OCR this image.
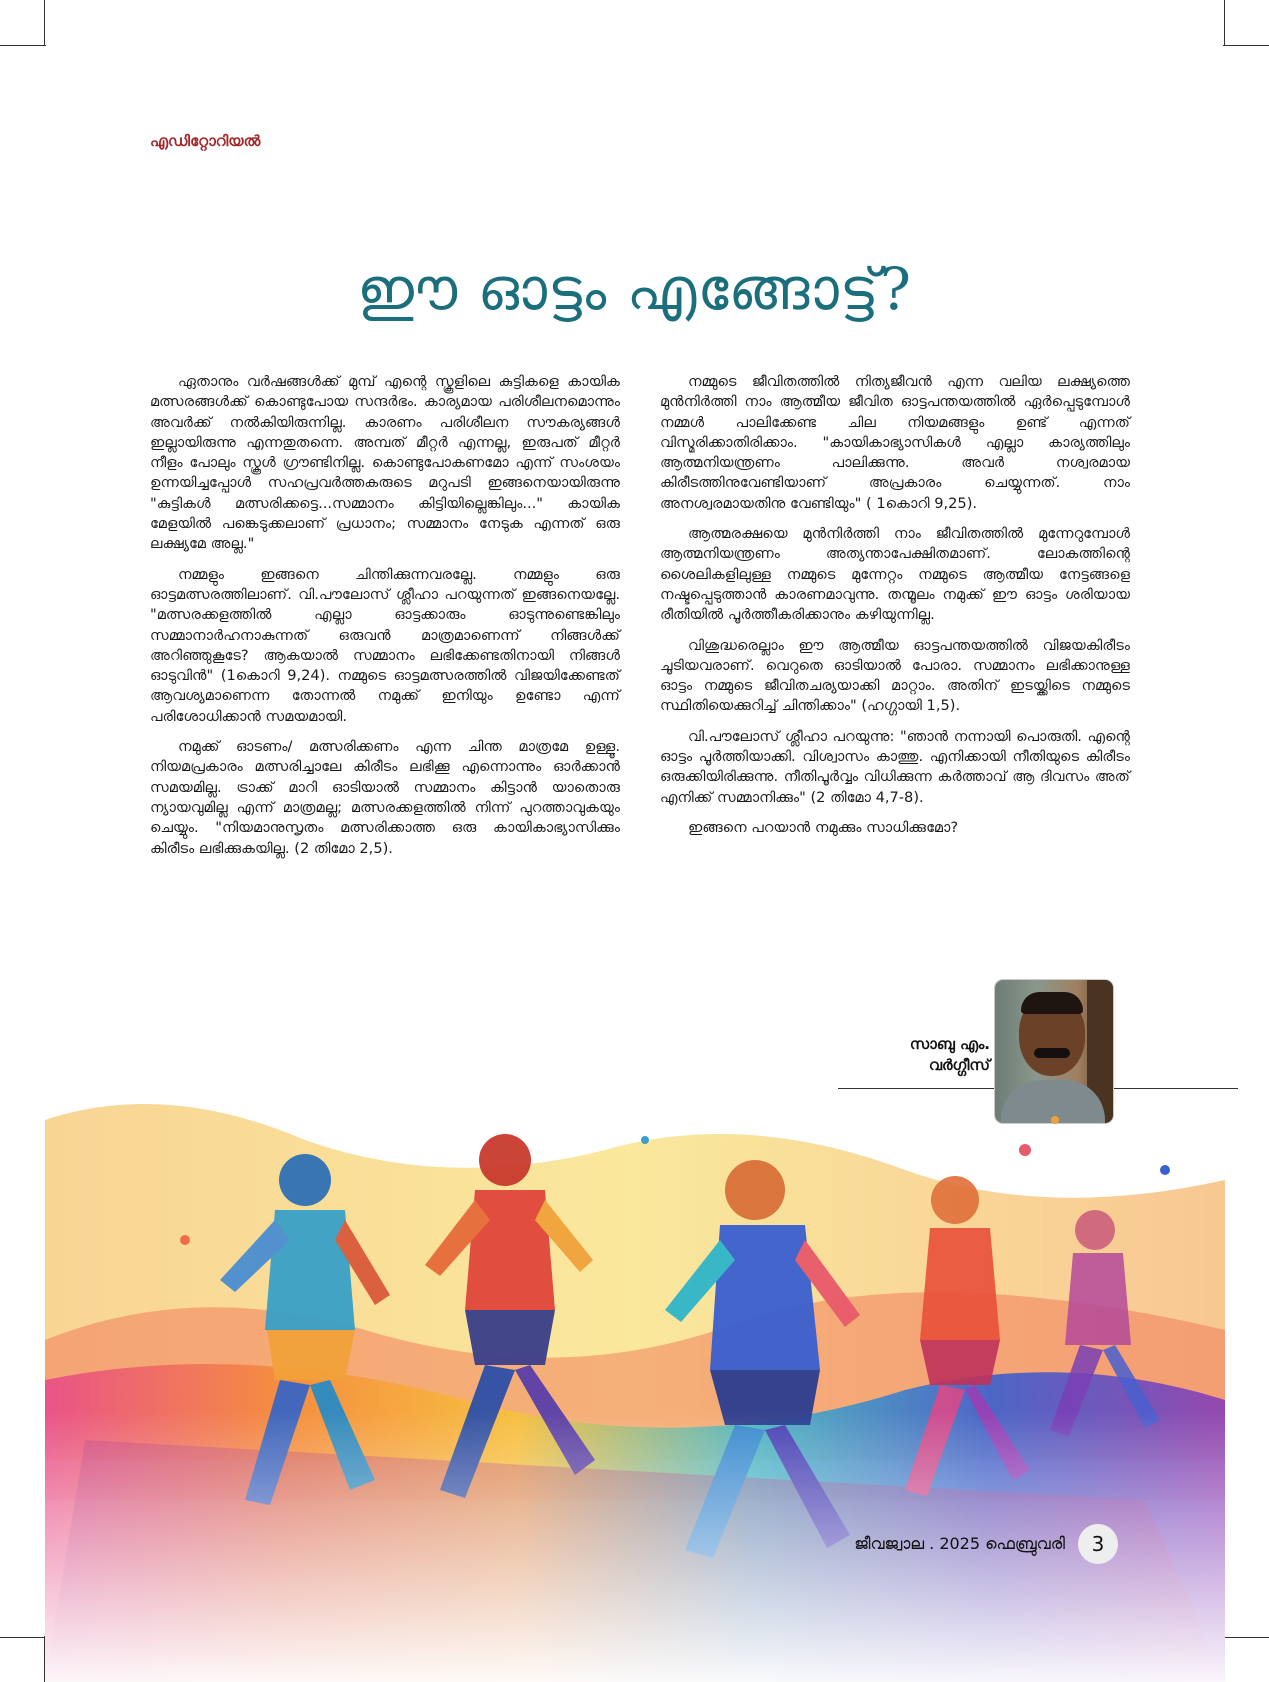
എഡിറ്റോറിയൽ
ഈ ഓട്ടം എങ്ങോട്ട്?

ഏതാനും വർഷങ്ങൾക്ക് മുമ്പ് എന്റെ സ്കൂളിലെ കുട്ടികളെ കായിക മത്സരങ്ങൾക്ക് കൊണ്ടുപോയ സന്ദർഭം. കാര്യമായ പരിശീലനമൊന്നും അവർക്ക് നൽകിയിരുന്നില്ല. കാരണം പരിശീലന സൗകര്യങ്ങൾ ഇല്ലായിരുന്നു എന്നതുതന്നെ. അമ്പത് മീറ്റർ എന്നല്ല, ഇരുപത് മീറ്റർ നീളം പോലും സ്കൂൾ ഗ്രൗണ്ടിനില്ല. കൊണ്ടുപോകണമോ എന്ന് സംശയം ഉന്നയിച്ചപ്പോൾ സഹപ്രവർത്തകരുടെ മറുപടി ഇങ്ങനെയായിരുന്നു "കുട്ടികൾ മത്സരിക്കട്ടെ...സമ്മാനം കിട്ടിയില്ലെങ്കിലും..." കായിക മേളയിൽ പങ്കെടുക്കലാണ് പ്രധാനം; സമ്മാനം നേടുക എന്നത് ഒരു ലക്ഷ്യമേ അല്ല."

നമ്മളും ഇങ്ങനെ ചിന്തിക്കുന്നവരല്ലേ. നമ്മളും ഒരു ഓട്ടമത്സരത്തിലാണ്. വി.പൗലോസ് ശ്ലീഹാ പറയുന്നത് ഇങ്ങനെയല്ലേ. "മത്സരക്കളത്തിൽ എല്ലാ ഓട്ടക്കാരും ഓടുന്നുണ്ടെങ്കിലും സമ്മാനാർഹനാകുന്നത് ഒരുവൻ മാത്രമാണെന്ന് നിങ്ങൾക്ക് അറിഞ്ഞുകൂടേ? ആകയാൽ സമ്മാനം ലഭിക്കേണ്ടതിനായി നിങ്ങൾ ഓടുവിൻ" (1കൊറി 9,24). നമ്മുടെ ഓട്ടമത്സരത്തിൽ വിജയിക്കേണ്ടത് ആവശ്യമാണെന്ന തോന്നൽ നമുക്ക് ഇനിയും ഉണ്ടോ എന്ന് പരിശോധിക്കാൻ സമയമായി.

നമുക്ക് ഓടണം/ മത്സരിക്കണം എന്ന ചിന്ത മാത്രമേ ഉള്ളൂ. നിയമപ്രകാരം മത്സരിച്ചാലേ കിരീടം ലഭിക്കൂ എന്നൊന്നും ഓർക്കാൻ സമയമില്ല. ട്രാക്ക് മാറി ഓടിയാൽ സമ്മാനം കിട്ടാൻ യാതൊരു ന്യായവുമില്ല എന്ന് മാത്രമല്ല; മത്സരക്കളത്തിൽ നിന്ന് പുറത്താവുകയും ചെയ്യും. "നിയമാനുസൃതം മത്സരിക്കാത്ത ഒരു കായികാഭ്യാസിക്കും കിരീടം ലഭിക്കുകയില്ല. (2 തിമോ 2,5).

നമ്മുടെ ജീവിതത്തിൽ നിത്യജീവൻ എന്ന വലിയ ലക്ഷ്യത്തെ മുൻനിർത്തി നാം ആത്മീയ ജീവിത ഓട്ടപന്തയത്തിൽ ഏർപ്പെടുമ്പോൾ നമ്മൾ പാലിക്കേണ്ട ചില നിയമങ്ങളും ഉണ്ട് എന്നത് വിസ്മരിക്കാതിരിക്കാം. "കായികാഭ്യാസികൾ എല്ലാ കാര്യത്തിലും ആത്മനിയന്ത്രണം പാലിക്കുന്നു. അവർ നശ്വരമായ കിരീടത്തിനുവേണ്ടിയാണ് അപ്രകാരം ചെയ്യുന്നത്. നാം അനശ്വരമായതിനു വേണ്ടിയും" ( 1കൊറി 9,25).

ആത്മരക്ഷയെ മുൻനിർത്തി നാം ജീവിതത്തിൽ മുന്നേറുമ്പോൾ ആത്മനിയന്ത്രണം അത്യന്താപേക്ഷിതമാണ്. ലോകത്തിന്റെ ശൈലികളിലുള്ള നമ്മുടെ മുന്നേറ്റം നമ്മുടെ ആത്മീയ നേട്ടങ്ങളെ നഷ്ടപ്പെടുത്താൻ കാരണമാവുന്നു. തന്മൂലം നമുക്ക് ഈ ഓട്ടം ശരിയായ രീതിയിൽ പൂർത്തീകരിക്കാനും കഴിയുന്നില്ല.

വിശുദ്ധരെല്ലാം ഈ ആത്മീയ ഓട്ടപന്തയത്തിൽ വിജയകിരീടം ചൂടിയവരാണ്. വെറുതെ ഓടിയാൽ പോരാ. സമ്മാനം ലഭിക്കാനുള്ള ഓട്ടം നമ്മുടെ ജീവിതചര്യയാക്കി മാറ്റാം. അതിന് ഇടയ്ക്കിടെ നമ്മുടെ സ്ഥിതിയെക്കുറിച്ച് ചിന്തിക്കാം" (ഹഗ്ഗായി 1,5).

വി.പൗലോസ് ശ്ലീഹാ പറയുന്നു: "ഞാൻ നന്നായി പൊരുതി. എന്റെ ഓട്ടം പൂർത്തിയാക്കി. വിശ്വാസം കാത്തു. എനിക്കായി നീതിയുടെ കിരീടം ഒരുക്കിയിരിക്കുന്നു. നീതിപൂർവ്വം വിധിക്കുന്ന കർത്താവ് ആ ദിവസം അത് എനിക്ക് സമ്മാനിക്കും" (2 തിമോ 4,7-8).

ഇങ്ങനെ പറയാൻ നമുക്കും സാധിക്കുമോ?

സാബു എം.
വർഗ്ഗീസ്
ജീവജ്വാല . 2025 ഫെബ്രുവരി	3
